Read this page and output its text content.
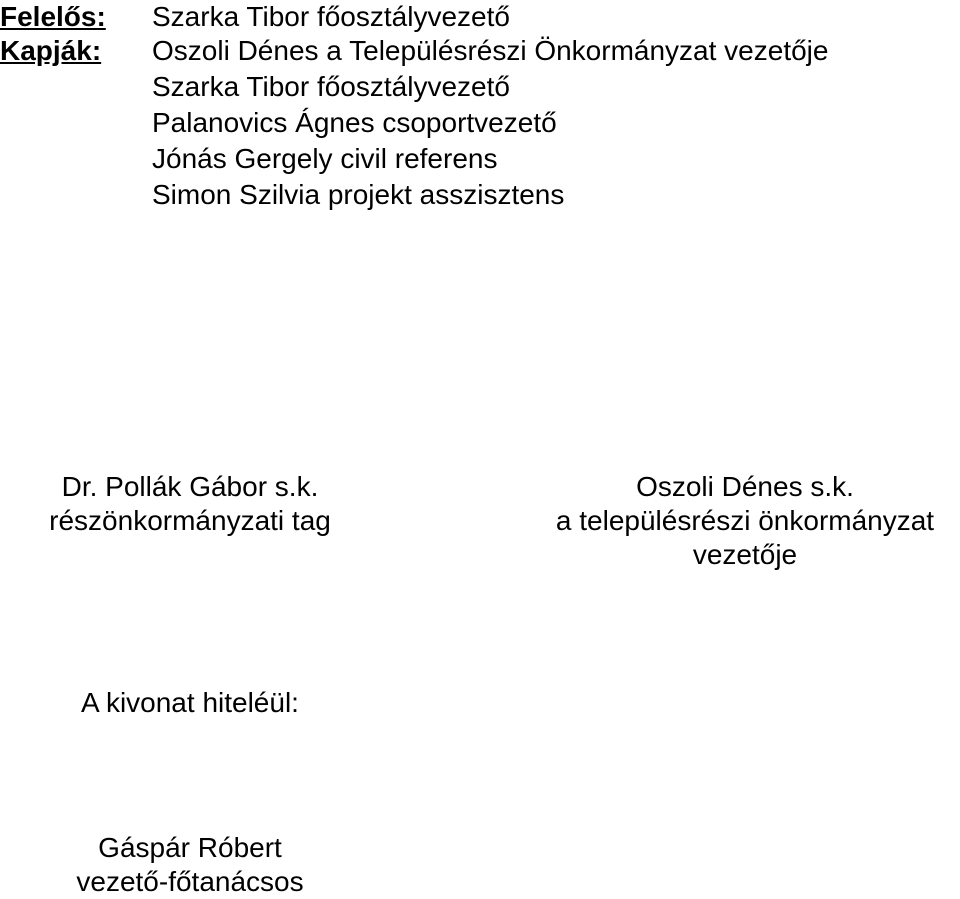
Felelős: Szarka Tibor főosztályvezető
Kapják: Oszoli Dénes a Településrészi Önkormányzat vezetője
Szarka Tibor főosztályvezető
Palanovics Ágnes csoportvezető
Jónás Gergely civil referens
Simon Szilvia projekt asszisztens
Dr. Pollák Gábor s.k.
részönkormányzati tag
Oszoli Dénes s.k.
a településrészi önkormányzat
vezetője
A kivonat hiteléül:
Gáspár Róbert
vezető-főtanácsos
